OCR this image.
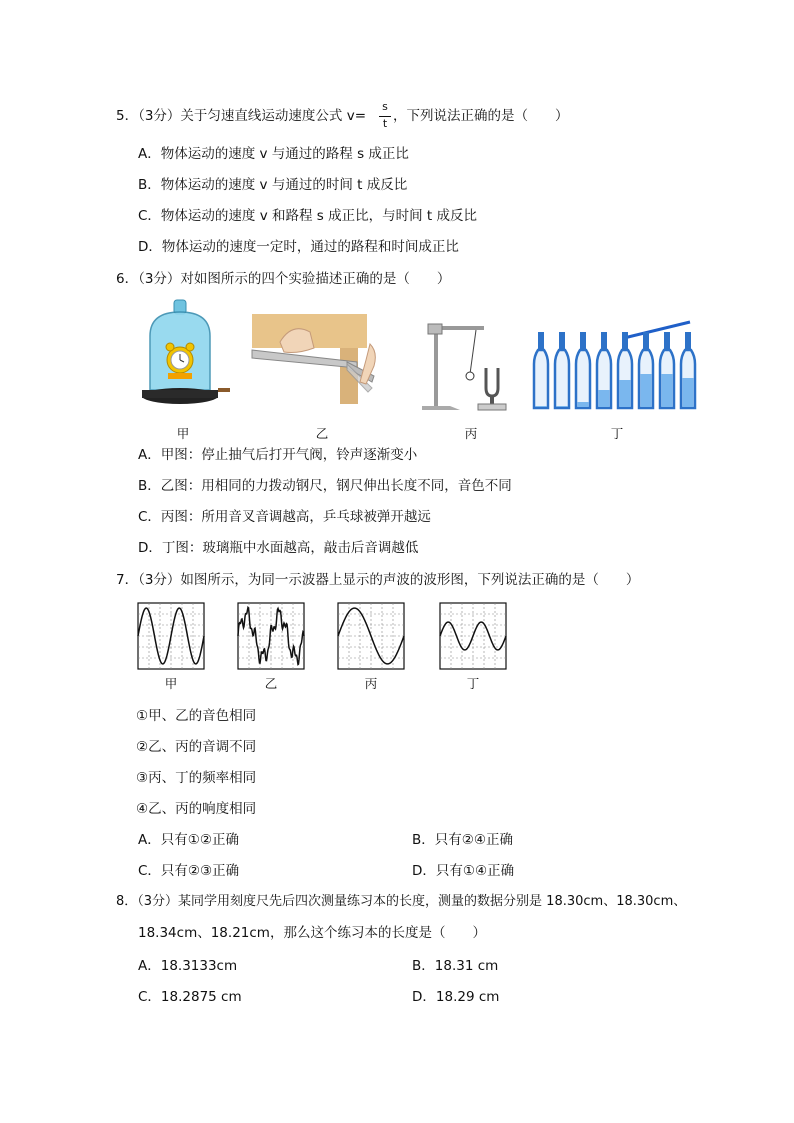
5．（3分）关于匀速直线运动速度公式 v=
s
t ，下列说法正确的是（　　）
A．物体运动的速度 v 与通过的路程 s 成正比
B．物体运动的速度 v 与通过的时间 t 成反比
C．物体运动的速度 v 和路程 s 成正比，与时间 t 成反比
D．物体运动的速度一定时，通过的路程和时间成正比
6．（3分）对如图所示的四个实验描述正确的是（　　）
甲	乙	丙	丁
A．甲图：停止抽气后打开气阀，铃声逐渐变小
B．乙图：用相同的力拨动钢尺，钢尺伸出长度不同，音色不同
C．丙图：所用音叉音调越高，乒乓球被弹开越远
D．丁图：玻璃瓶中水面越高，敲击后音调越低
7．（3分）如图所示，为同一示波器上显示的声波的波形图，下列说法正确的是（　　）
甲	乙	丙	丁
①甲、乙的音色相同
②乙、丙的音调不同
③丙、丁的频率相同
④乙、丙的响度相同
A．只有①②正确	B．只有②④正确
C．只有②③正确	D．只有①④正确
8．（3分）某同学用刻度尺先后四次测量练习本的长度，测量的数据分别是 18.30cm、18.30cm、
18.34cm、18.21cm，那么这个练习本的长度是（　　）
A．18.3133cm	B．18.31 cm
C．18.2875 cm	D．18.29 cm
